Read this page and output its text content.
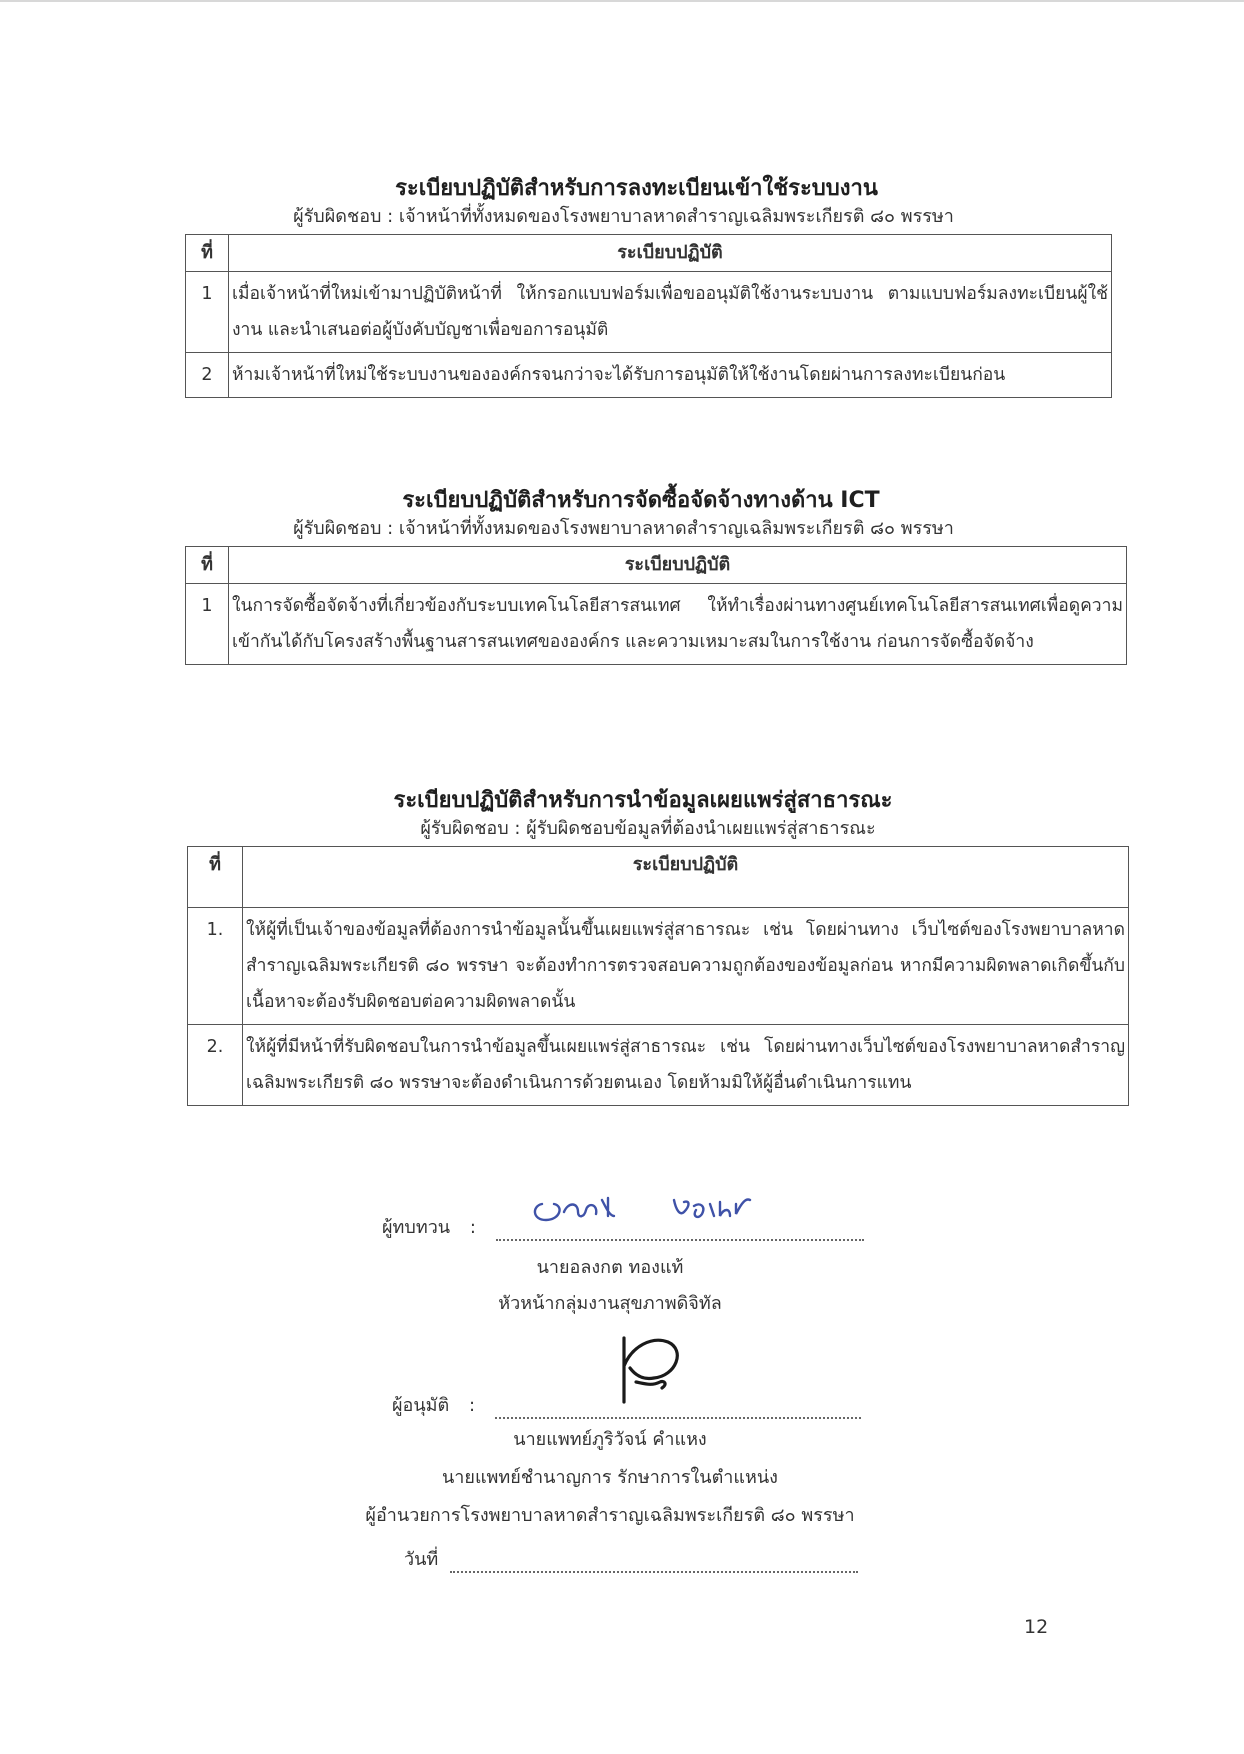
ระเบียบปฏิบัติสำหรับการลงทะเบียนเข้าใช้ระบบงาน

ผู้รับผิดชอบ : เจ้าหน้าที่ทั้งหมดของโรงพยาบาลหาดสำราญเฉลิมพระเกียรติ ๘๐ พรรษา

ที่	ระเบียบปฏิบัติ
1	เมื่อเจ้าหน้าที่ใหม่เข้ามาปฏิบัติหน้าที่ ให้กรอกแบบฟอร์มเพื่อขออนุมัติใช้งานระบบงาน ตามแบบฟอร์มลงทะเบียนผู้ใช้งาน และนำเสนอต่อผู้บังคับบัญชาเพื่อขอการอนุมัติ
2	ห้ามเจ้าหน้าที่ใหม่ใช้ระบบงานขององค์กรจนกว่าจะได้รับการอนุมัติให้ใช้งานโดยผ่านการลงทะเบียนก่อน

ระเบียบปฏิบัติสำหรับการจัดซื้อจัดจ้างทางด้าน ICT

ผู้รับผิดชอบ : เจ้าหน้าที่ทั้งหมดของโรงพยาบาลหาดสำราญเฉลิมพระเกียรติ ๘๐ พรรษา

ที่	ระเบียบปฏิบัติ
1	ในการจัดซื้อจัดจ้างที่เกี่ยวข้องกับระบบเทคโนโลยีสารสนเทศ ให้ทำเรื่องผ่านทางศูนย์เทคโนโลยีสารสนเทศเพื่อดูความเข้ากันได้กับโครงสร้างพื้นฐานสารสนเทศขององค์กร และความเหมาะสมในการใช้งาน ก่อนการจัดซื้อจัดจ้าง

ระเบียบปฏิบัติสำหรับการนำข้อมูลเผยแพร่สู่สาธารณะ

ผู้รับผิดชอบ : ผู้รับผิดชอบข้อมูลที่ต้องนำเผยแพร่สู่สาธารณะ

ที่	ระเบียบปฏิบัติ
1.	ให้ผู้ที่เป็นเจ้าของข้อมูลที่ต้องการนำข้อมูลนั้นขึ้นเผยแพร่สู่สาธารณะ เช่น โดยผ่านทาง เว็บไซต์ของโรงพยาบาลหาดสำราญเฉลิมพระเกียรติ ๘๐ พรรษา จะต้องทำการตรวจสอบความถูกต้องของข้อมูลก่อน หากมีความผิดพลาดเกิดขึ้นกับเนื้อหาจะต้องรับผิดชอบต่อความผิดพลาดนั้น
2.	ให้ผู้ที่มีหน้าที่รับผิดชอบในการนำข้อมูลขึ้นเผยแพร่สู่สาธารณะ เช่น โดยผ่านทางเว็บไซต์ของโรงพยาบาลหาดสำราญเฉลิมพระเกียรติ ๘๐ พรรษาจะต้องดำเนินการด้วยตนเอง โดยห้ามมิให้ผู้อื่นดำเนินการแทน
ผู้ทบทวน :
นายอลงกต ทองแท้
หัวหน้ากลุ่มงานสุขภาพดิจิทัล
ผู้อนุมัติ :
นายแพทย์ภูริวัจน์ คำแหง
นายแพทย์ชำนาญการ รักษาการในตำแหน่ง
ผู้อำนวยการโรงพยาบาลหาดสำราญเฉลิมพระเกียรติ ๘๐ พรรษา
วันที่
12
